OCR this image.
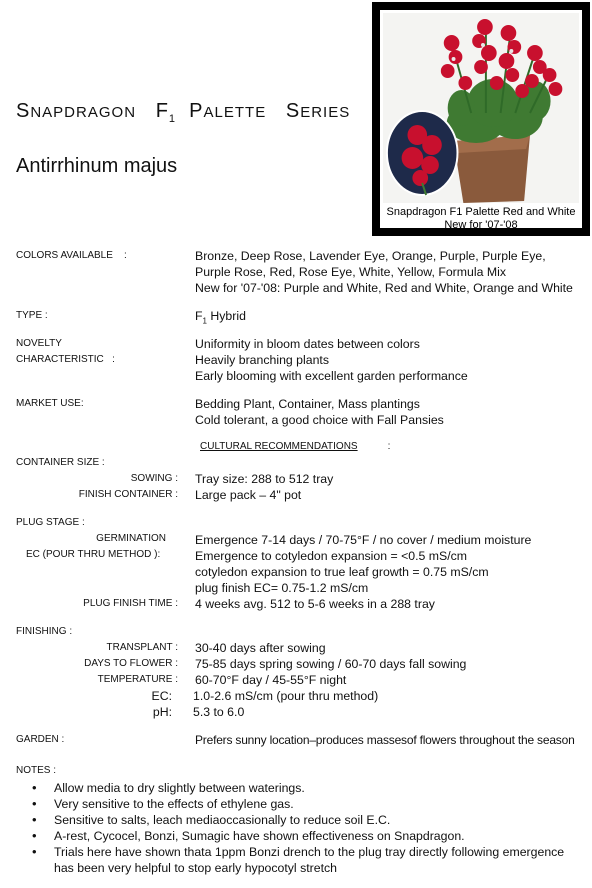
Snapdragon F1 Palette Red and White
New for '07-'08
SNAPDRAGON $F_1$ PALETTE SERIES
Antirrhinum majus
COLORS AVAILABLE :	Bronze, Deep Rose, Lavender Eye, Orange, Purple, Purple Eye,
Purple Rose, Red, Rose Eye, White, Yellow, Formula Mix
New for '07-'08: Purple and White, Red and White, Orange and White
TYPE :	$F_1$ Hybrid
NOVELTY
CHARACTERISTIC :
Uniformity in bloom dates between colors
Heavily branching plants
Early blooming with excellent garden performance
MARKET USE:	Bedding Plant, Container, Mass plantings
Cold tolerant, a good choice with Fall Pansies
CULTURAL RECOMMENDATIONS	:
CONTAINER SIZE :
SOWING : Tray size: 288 to 512 tray
FINISH CONTAINER : Large pack – 4" pot
PLUG STAGE :
GERMINATION Emergence 7-14 days / 70-75°F / no cover / medium moisture
EC (POUR THRU METHOD ):	Emergence to cotyledon expansion = <0.5 mS/cm
cotyledon expansion to true leaf growth = 0.75 mS/cm
plug finish EC= 0.75-1.2 mS/cm
PLUG FINISH TIME : 4 weeks avg. 512 to 5-6 weeks in a 288 tray
FINISHING :
TRANSPLANT : 30-40 days after sowing
DAYS TO FLOWER : 75-85 days spring sowing / 60-70 days fall sowing
TEMPERATURE : 60-70°F day / 45-55°F night
EC: 1.0-2.6 mS/cm (pour thru method)
pH: 5.3 to 6.0
GARDEN :	Prefers sunny location–produces massesof flowers throughout the season
NOTES :
• Allow media to dry slightly between waterings.
• Very sensitive to the effects of ethylene gas.
• Sensitive to salts, leach mediaoccasionally to reduce soil E.C.
• A-rest, Cycocel, Bonzi, Sumagic have shown effectiveness on Snapdragon.
• Trials here have shown thata 1ppm Bonzi drench to the plug tray directly following emergence has been very helpful to stop early hypocotyl stretch
